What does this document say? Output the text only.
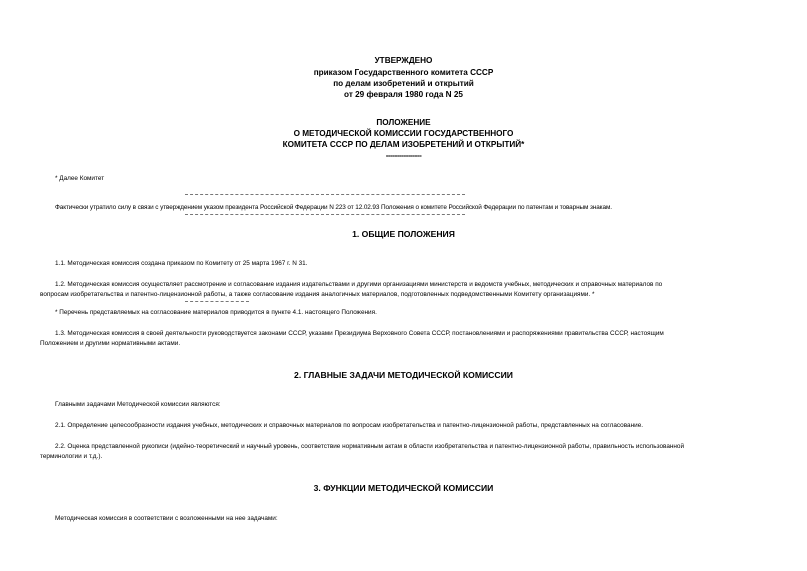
УТВЕРЖДЕНО
приказом Государственного комитета СССР
по делам изобретений и открытий
от 29 февраля 1980 года N 25
ПОЛОЖЕНИЕ
О МЕТОДИЧЕСКОЙ КОМИССИИ ГОСУДАРСТВЕННОГО
КОМИТЕТА СССР ПО ДЕЛАМ ИЗОБРЕТЕНИЙ И ОТКРЫТИЙ*
----------------
* Далее Комитет
Фактически утратило силу в связи с утверждением указом президента Российской Федерации N 223 от 12.02.93 Положения о комитете Российской Федерации по патентам и товарным знакам.
1. ОБЩИЕ ПОЛОЖЕНИЯ
1.1. Методическая комиссия создана приказом по Комитету от 25 марта 1967 г. N 31.
1.2. Методическая комиссия осуществляет рассмотрение и согласование издания издательствами и другими организациями министерств и ведомств учебных, методических и справочных материалов по
вопросам изобретательства и патентно-лицензионной работы, а также согласование издания аналогичных материалов, подготовленных подведомственными Комитету организациями. *
* Перечень представляемых на согласование материалов приводится в пункте 4.1. настоящего Положения.
1.3. Методическая комиссия в своей деятельности руководствуется законами СССР, указами Президиума Верховного Совета СССР, постановлениями и распоряжениями правительства СССР, настоящим
Положением и другими нормативными актами.
2. ГЛАВНЫЕ ЗАДАЧИ МЕТОДИЧЕСКОЙ КОМИССИИ
Главными задачами Методической комиссии являются:
2.1. Определение целесообразности издания учебных, методических и справочных материалов по вопросам изобретательства и патентно-лицензионной работы, представленных на согласование.
2.2. Оценка представленной рукописи (идейно-теоретический и научный уровень, соответствие нормативным актам в области изобретательства и патентно-лицензионной работы, правильность использованной
терминологии и т.д.).
3. ФУНКЦИИ МЕТОДИЧЕСКОЙ КОМИССИИ
Методическая комиссия в соответствии с возложенными на нее задачами:
